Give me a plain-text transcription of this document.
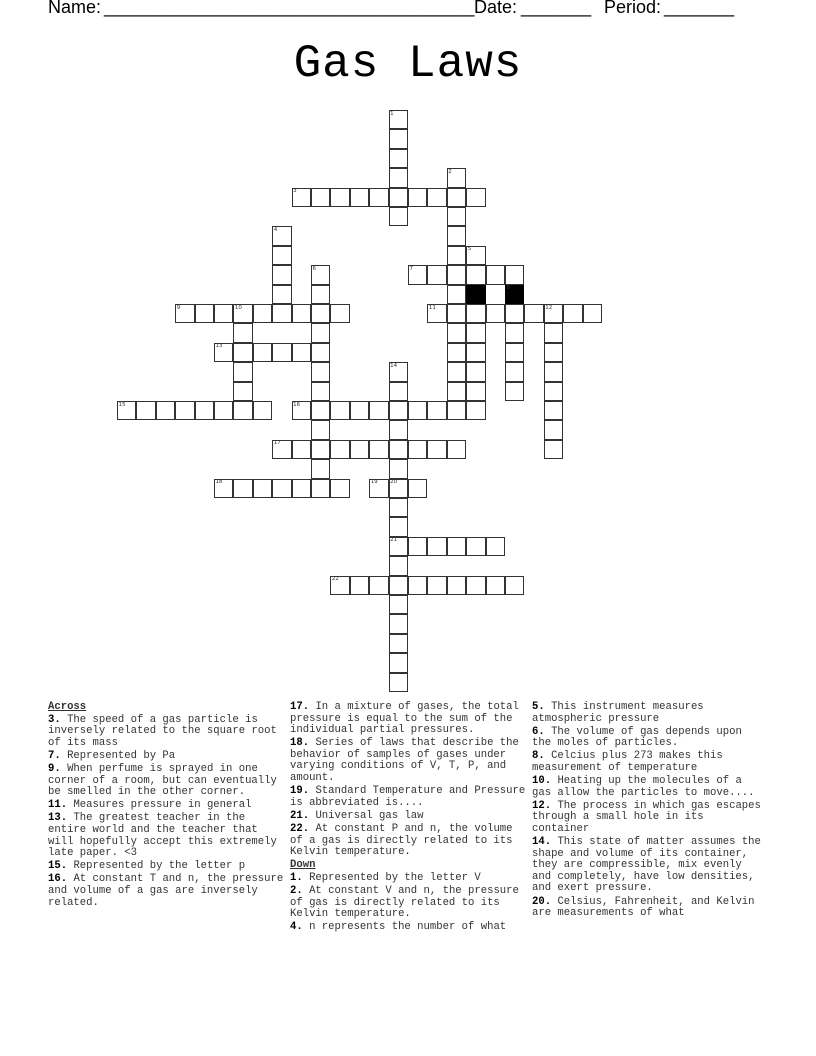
Name: _____________________________________ Date: _______ Period: _______
Gas Laws
1
2
3
4
5
6	7
8
9	10	11	12
13
14
15	16
17
18	19 20
21
22

Across

3. The speed of a gas particle is inversely related to the square root of its mass

7. Represented by Pa

9. When perfume is sprayed in one corner of a room, but can eventually be smelled in the other corner.

11. Measures pressure in general

13. The greatest teacher in the entire world and the teacher that will hopefully accept this extremely late paper. <3

15. Represented by the letter p

16. At constant T and n, the pressure and volume of a gas are inversely related.

17. In a mixture of gases, the total pressure is equal to the sum of the individual partial pressures.

18. Series of laws that describe the behavior of samples of gases under varying conditions of V, T, P, and amount.

19. Standard Temperature and Pressure is abbreviated is....

21. Universal gas law

22. At constant P and n, the volume of a gas is directly related to its Kelvin temperature.

Down

1. Represented by the letter V

2. At constant V and n, the pressure of gas is directly related to its Kelvin temperature.

4. n represents the number of what

5. This instrument measures atmospheric pressure

6. The volume of gas depends upon the moles of particles.

8. Celcius plus 273 makes this measurement of temperature

10. Heating up the molecules of a gas allow the particles to move....

12. The process in which gas escapes through a small hole in its container

14. This state of matter assumes the shape and volume of its container, they are compressible, mix evenly and completely, have low densities, and exert pressure.

20. Celsius, Fahrenheit, and Kelvin are measurements of what
